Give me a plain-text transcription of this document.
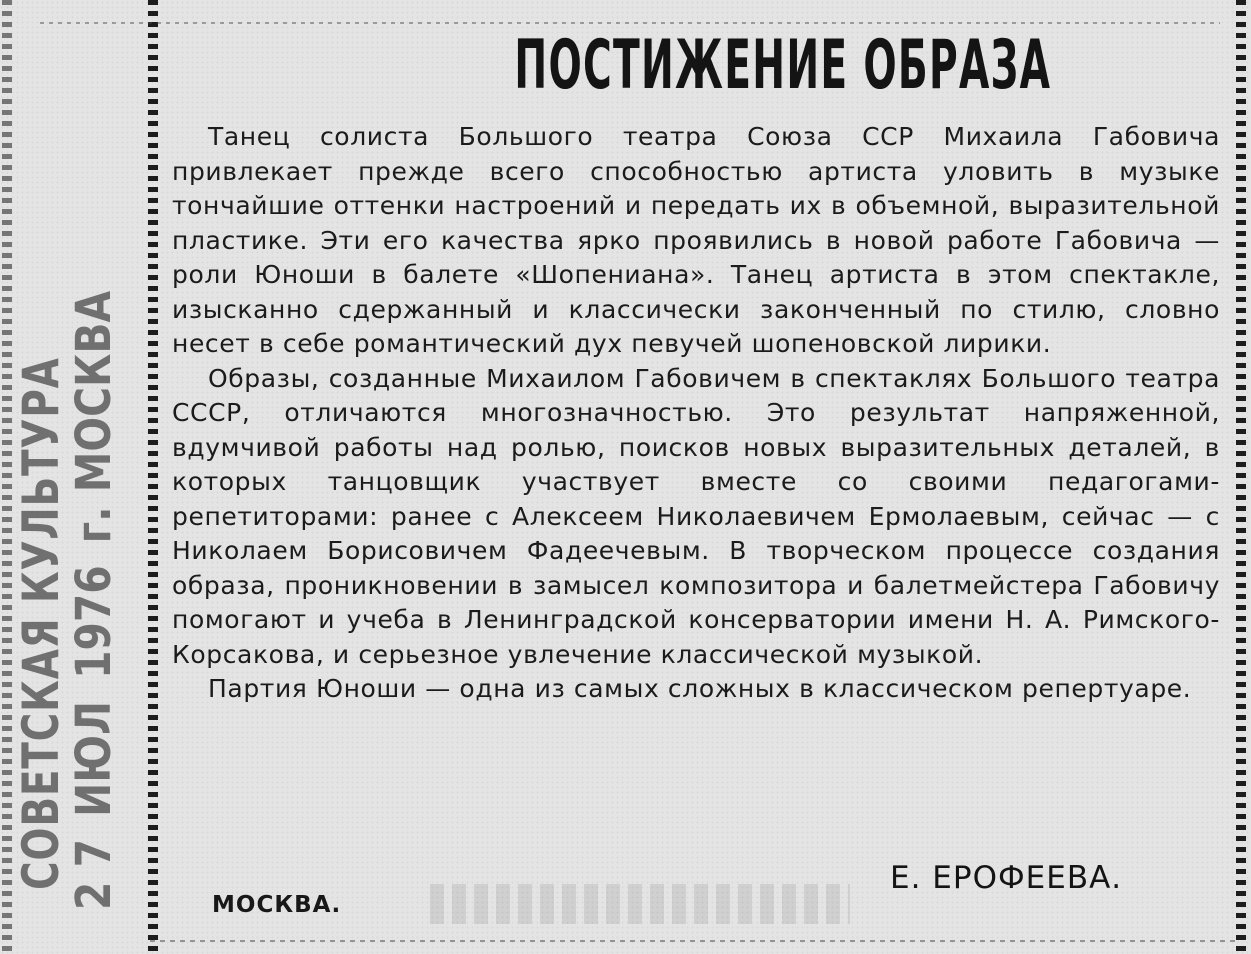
СОВЕТСКАЯ КУЛЬТУРА
2 7ИЮЛ1976г. МОСКВА
ПОСТИЖЕНИЕ ОБРАЗА

Танец солиста Большого театра Союза ССР Михаила Габовича привлекает прежде всего способностью артиста уловить в музыке тончайшие оттенки настроений и передать их в объемной, выразительной пластике. Эти его качества ярко проявились в новой работе Габовича — роли Юноши в балете «Шопениана». Танец артиста в этом спектакле, изысканно сдержанный и классически законченный по стилю, словно несет в себе романтический дух певучей шопеновской лирики.

Образы, созданные Михаилом Габовичем в спектаклях Большого театра СССР, отличаются многозначностью. Это результат напряженной, вдумчивой работы над ролью, поисков новых выразительных деталей, в которых танцовщик участвует вместе со своими педагогами-репетиторами: ранее с Алексеем Николаевичем Ермолаевым, сейчас — с Николаем Борисовичем Фадеечевым. В творческом процессе создания образа, проникновении в замысел композитора и балетмейстера Габовичу помогают и учеба в Ленинградской консерватории имени Н. А. Римского-Корсакова, и серьезное увлечение классической музыкой.

Партия Юноши — одна из самых сложных в классическом репертуаре.

Е. ЕРОФЕЕВА.
МОСКВА.
